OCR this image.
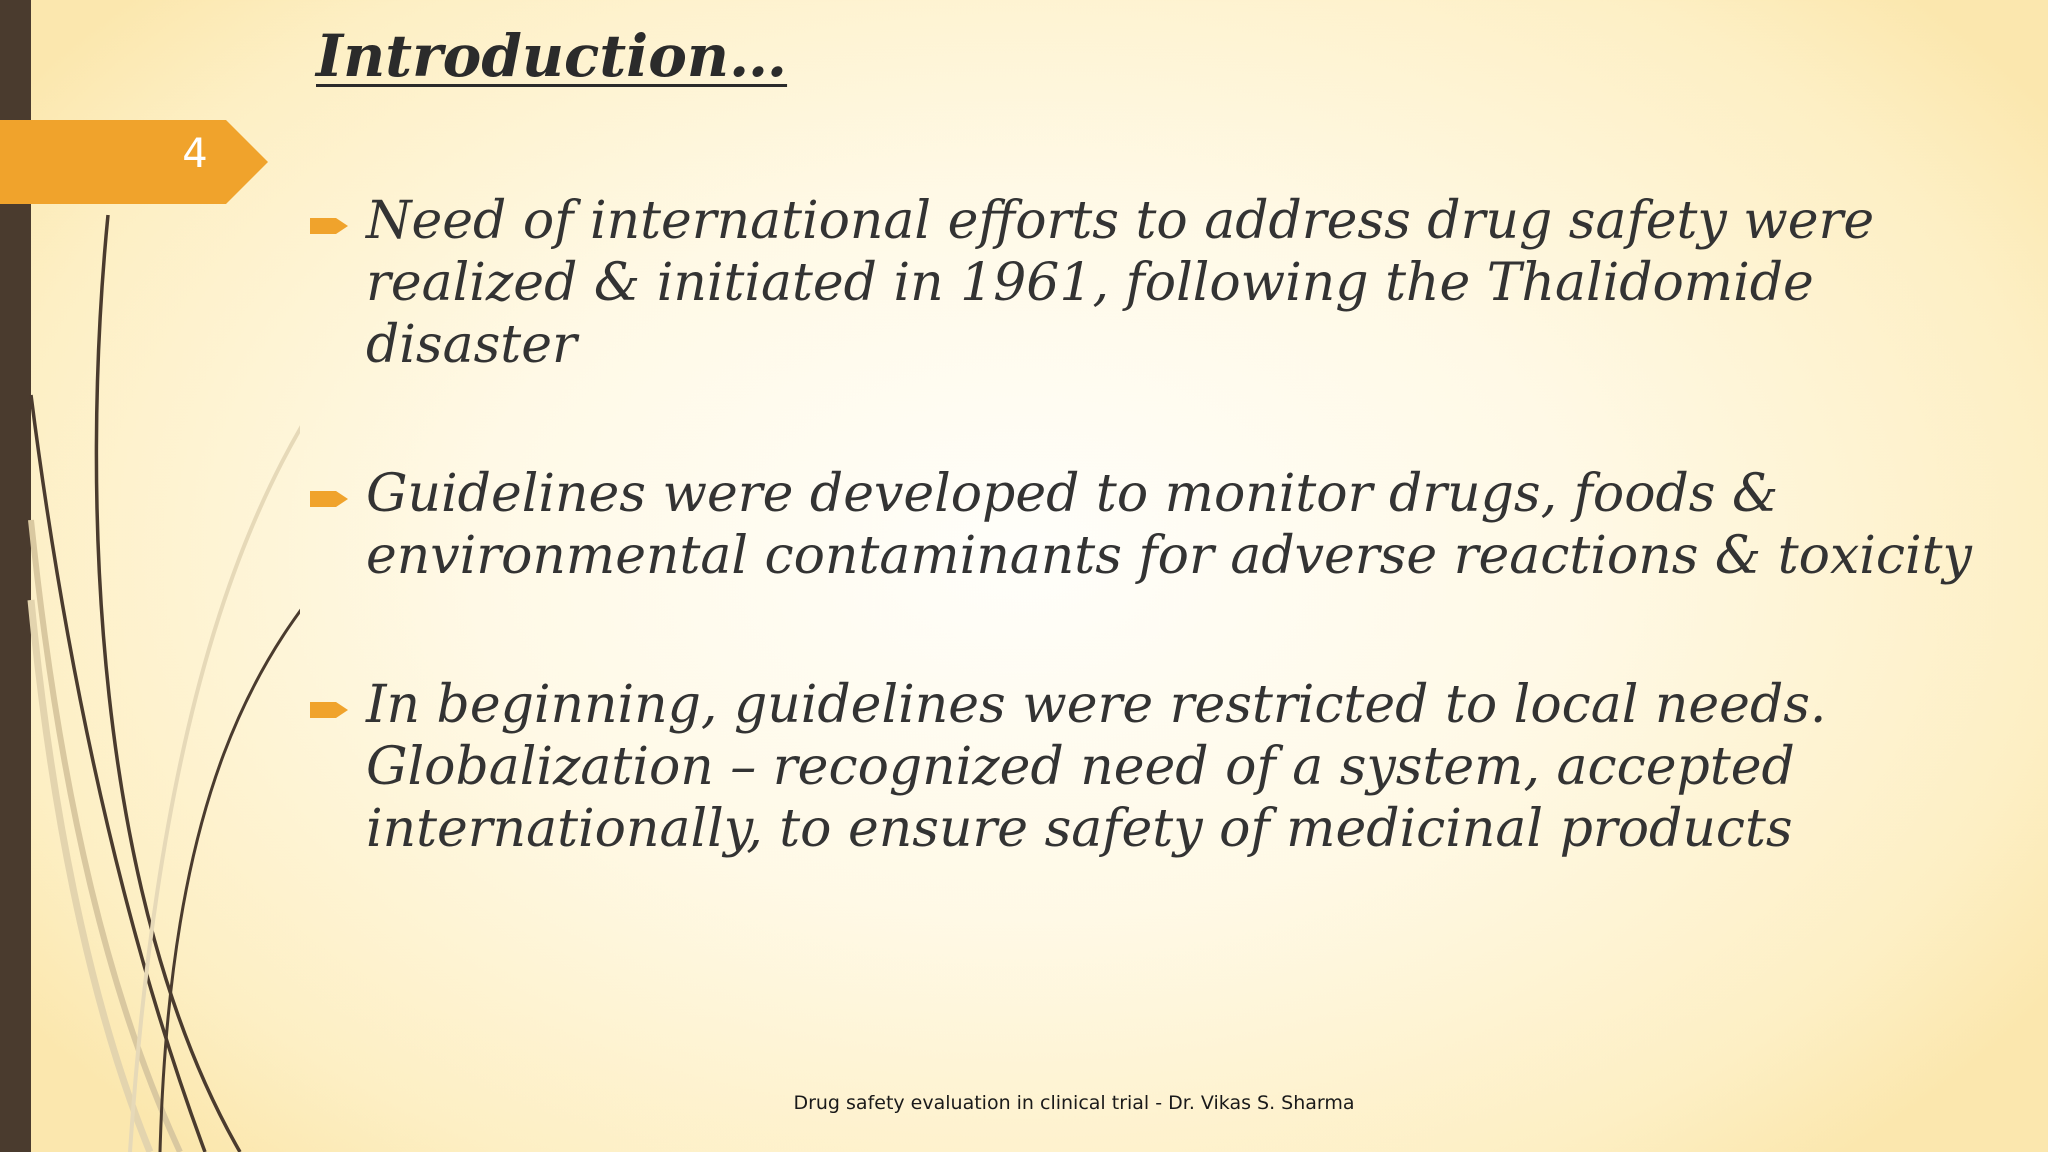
4
Introduction…
Need of international efforts to address drug safety were realized & initiated in 1961, following the Thalidomide disaster
Guidelines were developed to monitor drugs, foods & environmental contaminants for adverse reactions & toxicity
In beginning, guidelines were restricted to local needs. Globalization – recognized need of a system, accepted internationally, to ensure safety of medicinal products
Drug safety evaluation in clinical trial - Dr. Vikas S. Sharma
